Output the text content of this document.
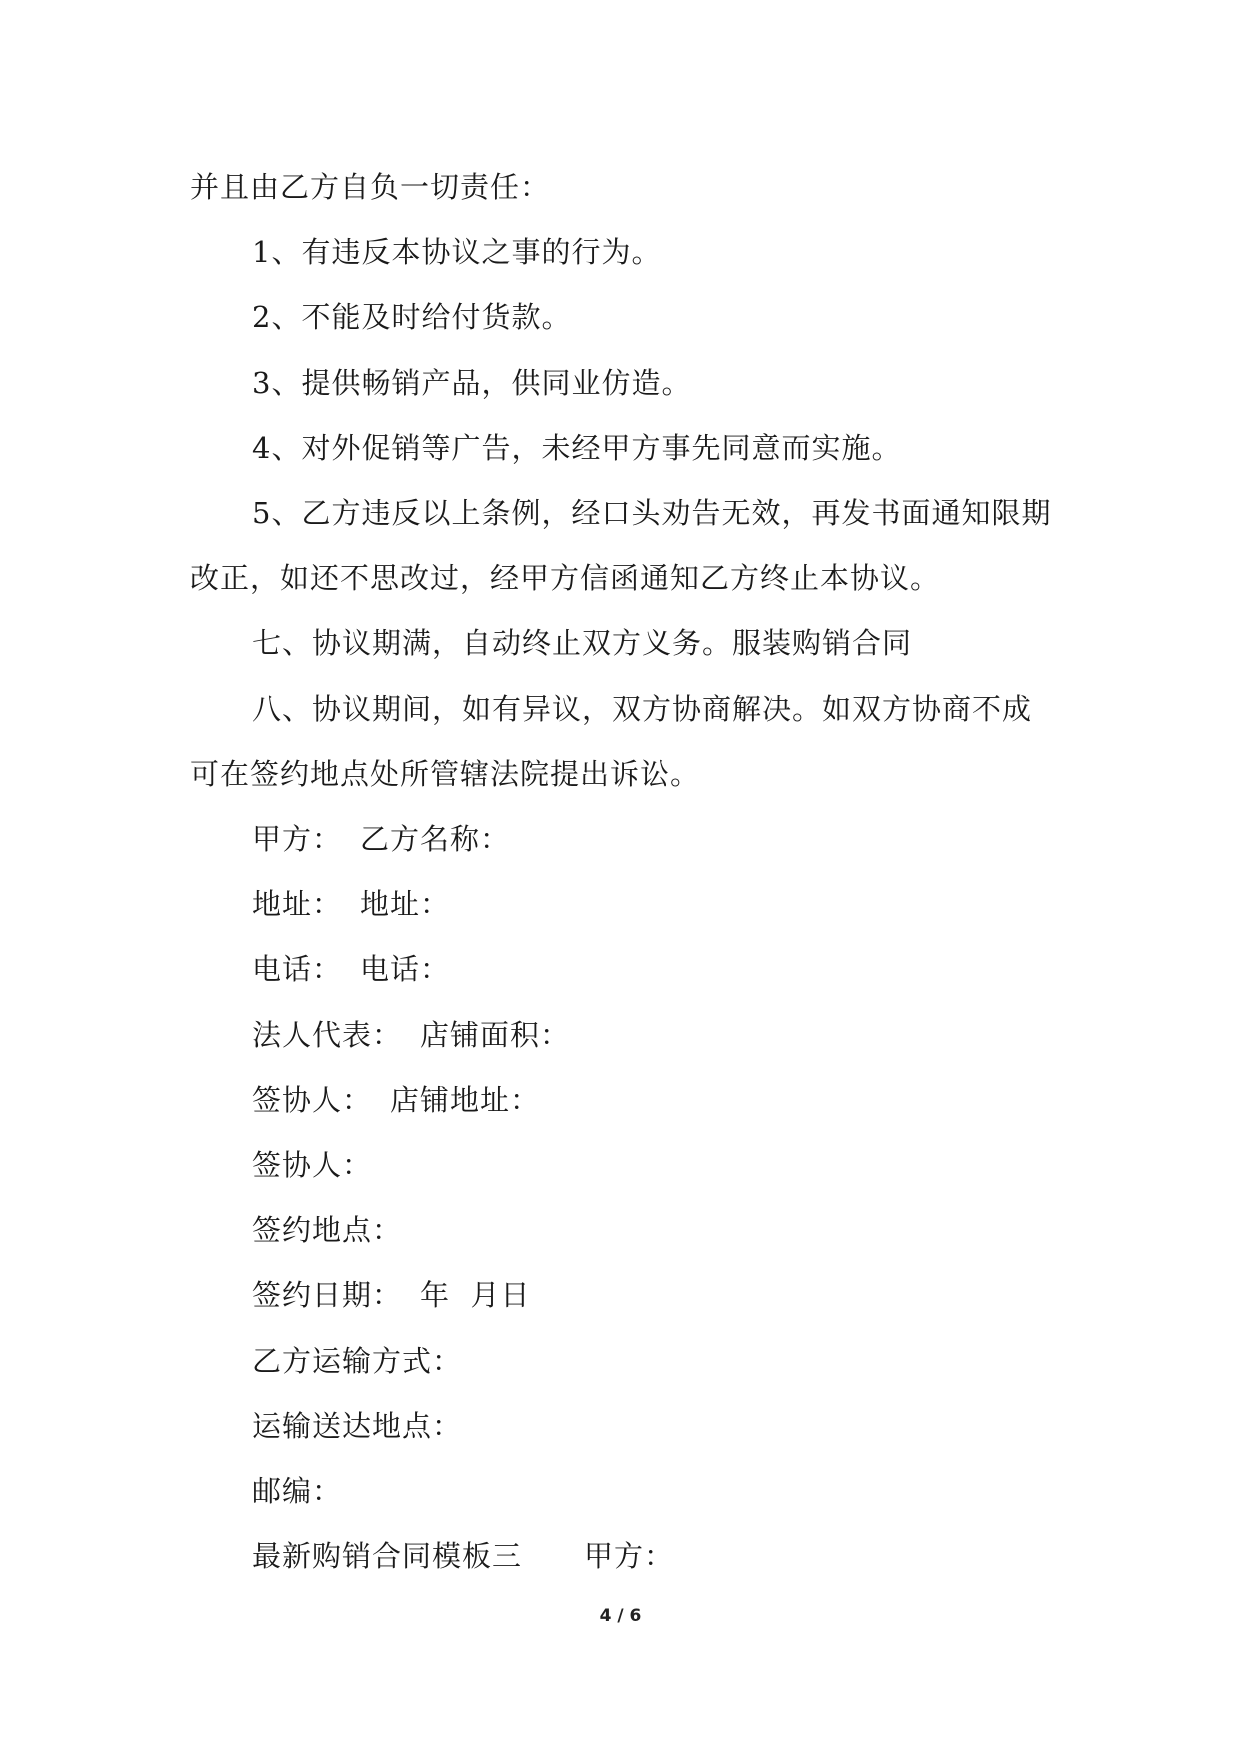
并且由乙方自负一切责任：

1、有违反本协议之事的行为。

2、不能及时给付货款。

3、提供畅销产品，供同业仿造。

4、对外促销等广告，未经甲方事先同意而实施。

5、乙方违反以上条例，经口头劝告无效，再发书面通知限期改正，如还不思改过，经甲方信函通知乙方终止本协议。

七、协议期满，自动终止双方义务。服装购销合同

八、协议期间，如有异议，双方协商解决。如双方协商不成可在签约地点处所管辖法院提出诉讼。

甲方： 乙方名称：

地址： 地址：

电话： 电话：

法人代表： 店铺面积：

签协人： 店铺地址：

签协人：

签约地点：

签约日期： 年  月日

乙方运输方式：

运输送达地点：

邮编：

最新购销合同模板三 甲方：

4 / 6
